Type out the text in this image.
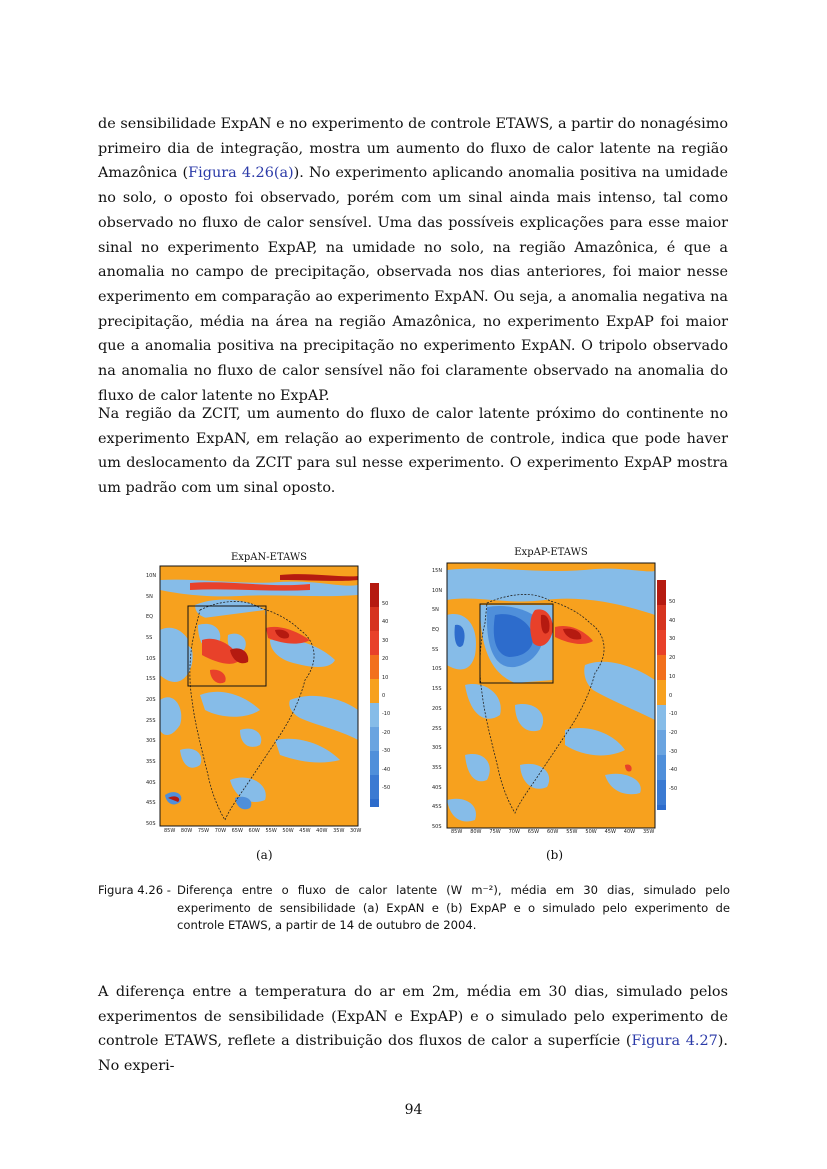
de sensibilidade ExpAN e no experimento de controle ETAWS, a partir do nonagésimo primeiro dia de integração, mostra um aumento do fluxo de calor latente na região Amazônica (Figura 4.26(a)). No experimento aplicando anomalia positiva na umidade no solo, o oposto foi observado, porém com um sinal ainda mais intenso, tal como observado no fluxo de calor sensível. Uma das possíveis explicações para esse maior sinal no experimento ExpAP, na umidade no solo, na região Amazônica, é que a anomalia no campo de precipitação, observada nos dias anteriores, foi maior nesse experimento em comparação ao experimento ExpAN. Ou seja, a anomalia negativa na precipitação, média na área na região Amazônica, no experimento ExpAP foi maior que a anomalia positiva na precipitação no experimento ExpAN. O tripolo observado na anomalia no fluxo de calor sensível não foi claramente observado na anomalia do fluxo de calor latente no ExpAP.

Na região da ZCIT, um aumento do fluxo de calor latente próximo do continente no experimento ExpAN, em relação ao experimento de controle, indica que pode haver um deslocamento da ZCIT para sul nesse experimento. O experimento ExpAP mostra um padrão com um sinal oposto.

ExpAN-ETAWS
10N
5N
EQ
5S
10S
15S
20S
25S
30S
35S
40S
45S
50S
85W 80W 75W 70W 65W 60W 55W 50W 45W 40W 35W 30W
50
40
30
20
10
0
-10
-20
-30
-40
-50
ExpAP-ETAWS
15N
10N
5N
EQ
5S
10S
15S
20S
25S
30S
35S
40S
45S
50S
85W 80W 75W 70W 65W 60W 55W 50W 45W 40W 35W
50
40
30
20
10
0
-10
-20
-30
-40
-50
(a)	(b)
Figura 4.26 - Diferença entre o fluxo de calor latente (W m⁻²), média em 30 dias, simulado pelo experimento de sensibilidade (a) ExpAN e (b) ExpAP e o simulado pelo experimento de controle ETAWS, a partir de 14 de outubro de 2004.

A diferença entre a temperatura do ar em 2m, média em 30 dias, simulado pelos experimentos de sensibilidade (ExpAN e ExpAP) e o simulado pelo experimento de controle ETAWS, reflete a distribuição dos fluxos de calor a superfície (Figura 4.27). No experi-

94
